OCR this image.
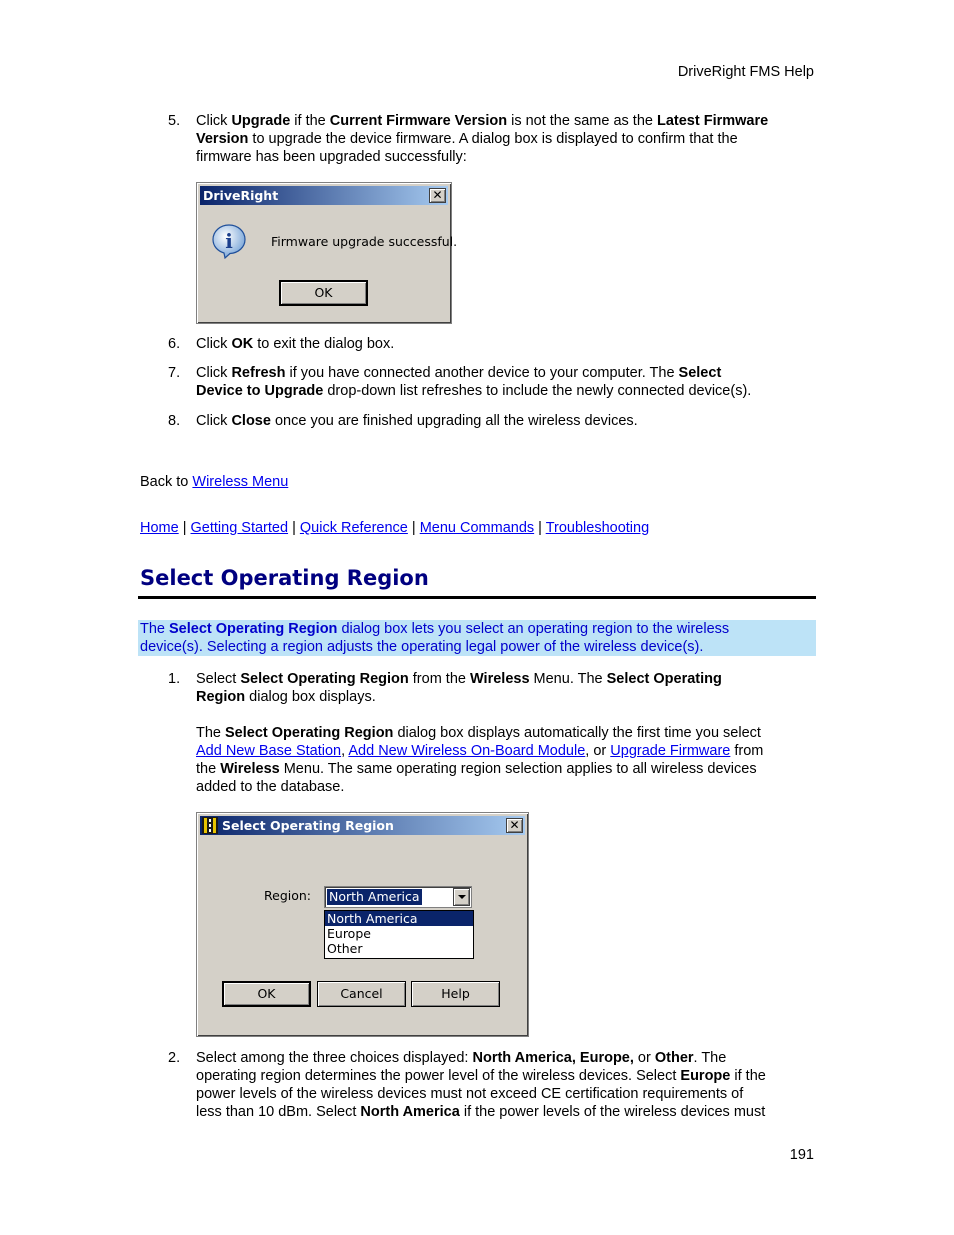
DriveRight FMS Help
5. Click Upgrade if the Current Firmware Version is not the same as the Latest Firmware
Version to upgrade the device firmware. A dialog box is displayed to confirm that the
firmware has been upgraded successfully:
DriveRight	✕
i	Firmware upgrade successful.
OK
6. Click OK to exit the dialog box.
7. Click Refresh if you have connected another device to your computer. The Select
Device to Upgrade drop-down list refreshes to include the newly connected device(s).
8. Click Close once you are finished upgrading all the wireless devices.
Back to Wireless Menu
Home | Getting Started | Quick Reference | Menu Commands | Troubleshooting
Select Operating Region
The Select Operating Region dialog box lets you select an operating region to the wireless
device(s). Selecting a region adjusts the operating legal power of the wireless device(s).
1. Select Select Operating Region from the Wireless Menu. The Select Operating
Region dialog box displays.
The Select Operating Region dialog box displays automatically the first time you select
Add New Base Station, Add New Wireless On-Board Module, or Upgrade Firmware from
the Wireless Menu. The same operating region selection applies to all wireless devices
added to the database.
Select Operating Region	✕
Region: North America
North America
Europe
Other
OK	Cancel	Help
2. Select among the three choices displayed: North America, Europe, or Other. The
operating region determines the power level of the wireless devices. Select Europe if the
power levels of the wireless devices must not exceed CE certification requirements of
less than 10 dBm. Select North America if the power levels of the wireless devices must
191
